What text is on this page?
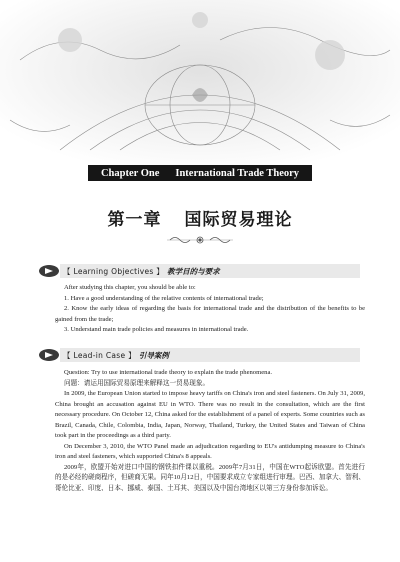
Chapter One International Trade Theory
第一章 国际贸易理论
【 Learning Objectives 】 教学目的与要求

After studying this chapter, you should be able to:

1. Have a good understanding of the relative contents of international trade;

2. Know the early ideas of regarding the basis for international trade and the distribution of the benefits to be gained from the trade;

3. Understand main trade policies and measures in international trade.

【 Lead-in Case 】 引导案例

Question: Try to use international trade theory to explain the trade phenomena.

问题：请运用国际贸易原理来解释这一贸易现象。

In 2009, the European Union started to impose heavy tariffs on China's iron and steel fasteners. On July 31, 2009, China brought an accusation against EU in WTO. There was no result in the consultation, which are the first necessary procedure. On October 12, China asked for the establishment of a panel of experts. Some countries such as Brazil, Canada, Chile, Colombia, India, Japan, Norway, Thailand, Turkey, the United States and Taiwan of China took part in the proceedings as a third party.

On December 3, 2010, the WTO Panel made an adjudication regarding to EU's antidumping measure to China's iron and steel fasteners, which supported China's 8 appeals.

2009年，欧盟开始对进口中国的钢铁扣件课以重税。2009年7月31日，中国在WTO起诉欧盟。首先进行的是必经的磋商程序，但磋商无果。同年10月12日，中国要求成立专家组进行审理。巴西、加拿大、智利、哥伦比亚、印度、日本、挪威、泰国、土耳其、美国以及中国台湾地区以第三方身份参加诉讼。
